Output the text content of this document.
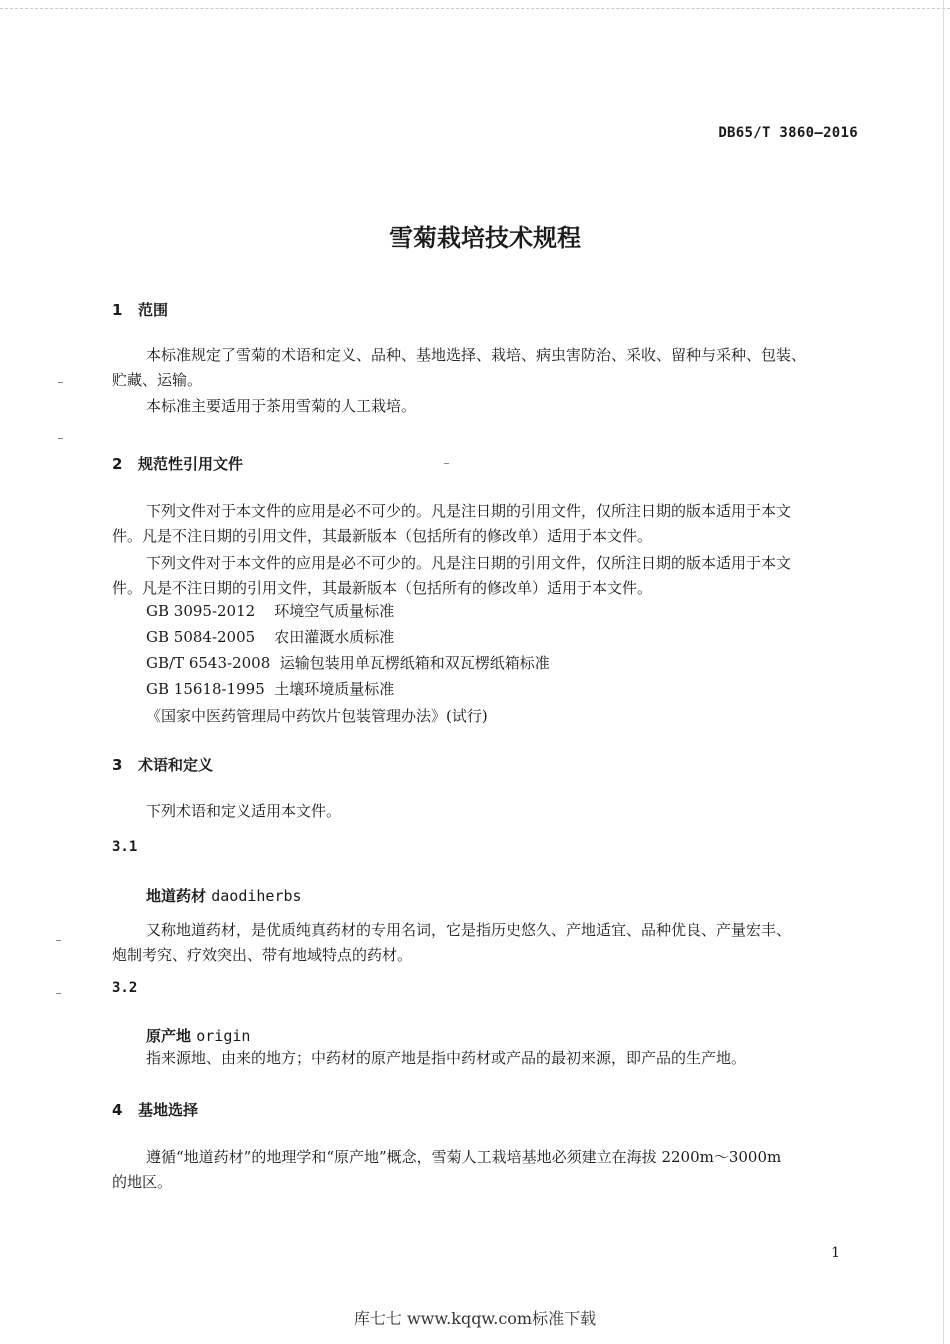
DB65/T 3860—2016
雪菊栽培技术规程
1 范围
本标准规定了雪菊的术语和定义、品种、基地选择、栽培、病虫害防治、采收、留种与采种、包装、
贮藏、运输。
本标准主要适用于茶用雪菊的人工栽培。
2 规范性引用文件
下列文件对于本文件的应用是必不可少的。凡是注日期的引用文件，仅所注日期的版本适用于本文
件。凡是不注日期的引用文件，其最新版本（包括所有的修改单）适用于本文件。
下列文件对于本文件的应用是必不可少的。凡是注日期的引用文件，仅所注日期的版本适用于本文
件。凡是不注日期的引用文件，其最新版本（包括所有的修改单）适用于本文件。
GB 3095-2012 环境空气质量标准
GB 5084-2005 农田灌溉水质标准
GB/T 6543-2008 运输包装用单瓦楞纸箱和双瓦楞纸箱标准
GB 15618-1995 土壤环境质量标准
《国家中医药管理局中药饮片包装管理办法》(试行)
3 术语和定义
下列术语和定义适用本文件。
3.1
地道药材 daodiherbs
又称地道药材，是优质纯真药材的专用名词，它是指历史悠久、产地适宜、品种优良、产量宏丰、
炮制考究、疗效突出、带有地域特点的药材。
3.2
原产地 origin
指来源地、由来的地方；中药材的原产地是指中药材或产品的最初来源，即产品的生产地。
4 基地选择
遵循“地道药材”的地理学和“原产地”概念，雪菊人工栽培基地必须建立在海拔 2200m～3000m
的地区。
1
库七七 www.kqqw.com标准下载
